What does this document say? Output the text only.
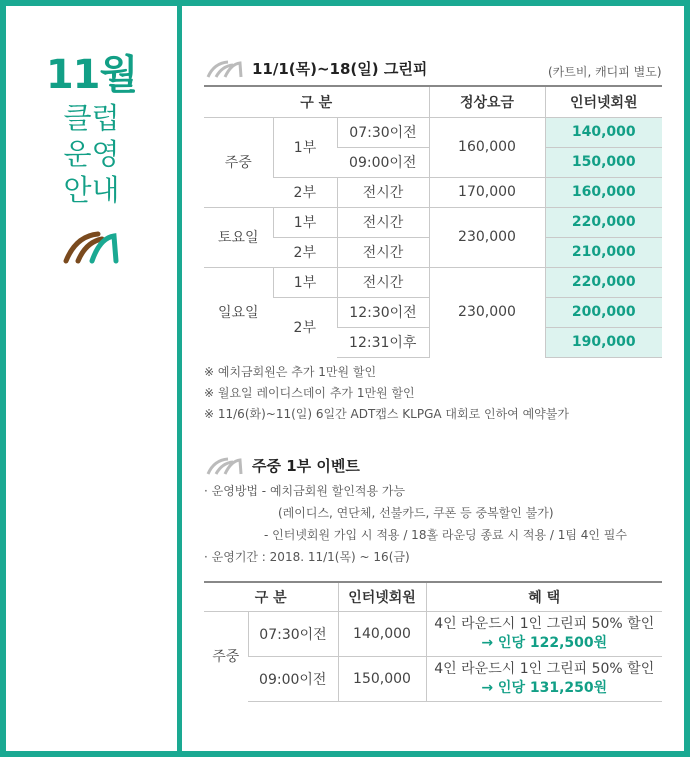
11월
클럽
운영
안내
11/1(목)~18(일) 그린피	(카트비, 캐디피 별도)
구 분			정상요금	인터넷회원
주중	1부	07:30이전	160,000	140,000
		09:00이전		150,000
	2부	전시간	170,000	160,000
토요일	1부	전시간	230,000	220,000
	2부	전시간		210,000
일요일	1부	전시간	230,000	220,000
	2부	12:30이전		200,000
		12:31이후		190,000
※ 예치금회원은 추가 1만원 할인
※ 월요일 레이디스데이 추가 1만원 할인
※ 11/6(화)~11(일) 6일간 ADT캡스 KLPGA 대회로 인하여 예약불가
주중 1부 이벤트
· 운영방법 - 예치금회원 할인적용 가능
(레이디스, 연단체, 선불카드, 쿠폰 등 중복할인 불가)
- 인터넷회원 가입 시 적용 / 18홀 라운딩 종료 시 적용 / 1팀 4인 필수
· 운영기간 : 2018. 11/1(목) ~ 16(금)
구 분		인터넷회원	혜 택
주중	07:30이전	140,000	4인 라운드시 1인 그린피 50% 할인
→ 인당 122,500원

	09:00이전	150,000	4인 라운드시 1인 그린피 50% 할인
→ 인당 131,250원
